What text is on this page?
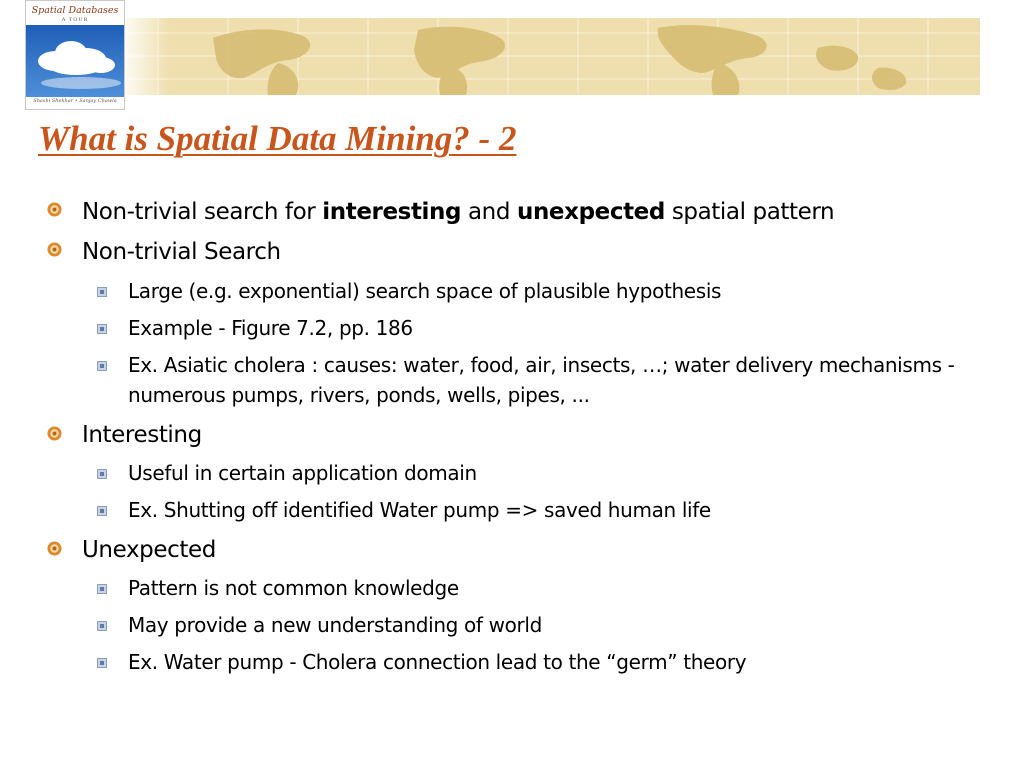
Spatial Databases
A TOUR
Shashi Shekhar • Sanjay Chawla
What is Spatial Data Mining? - 2
Non-trivial search for interesting and unexpected spatial pattern
Non-trivial Search
Large (e.g. exponential) search space of plausible hypothesis
Example - Figure 7.2, pp. 186
Ex. Asiatic cholera : causes: water, food, air, insects, …; water delivery mechanisms - numerous pumps, rivers, ponds, wells, pipes, ...
Interesting
Useful in certain application domain
Ex. Shutting off identified Water pump => saved human life
Unexpected
Pattern is not common knowledge
May provide a new understanding of world
Ex. Water pump - Cholera connection lead to the “germ” theory
